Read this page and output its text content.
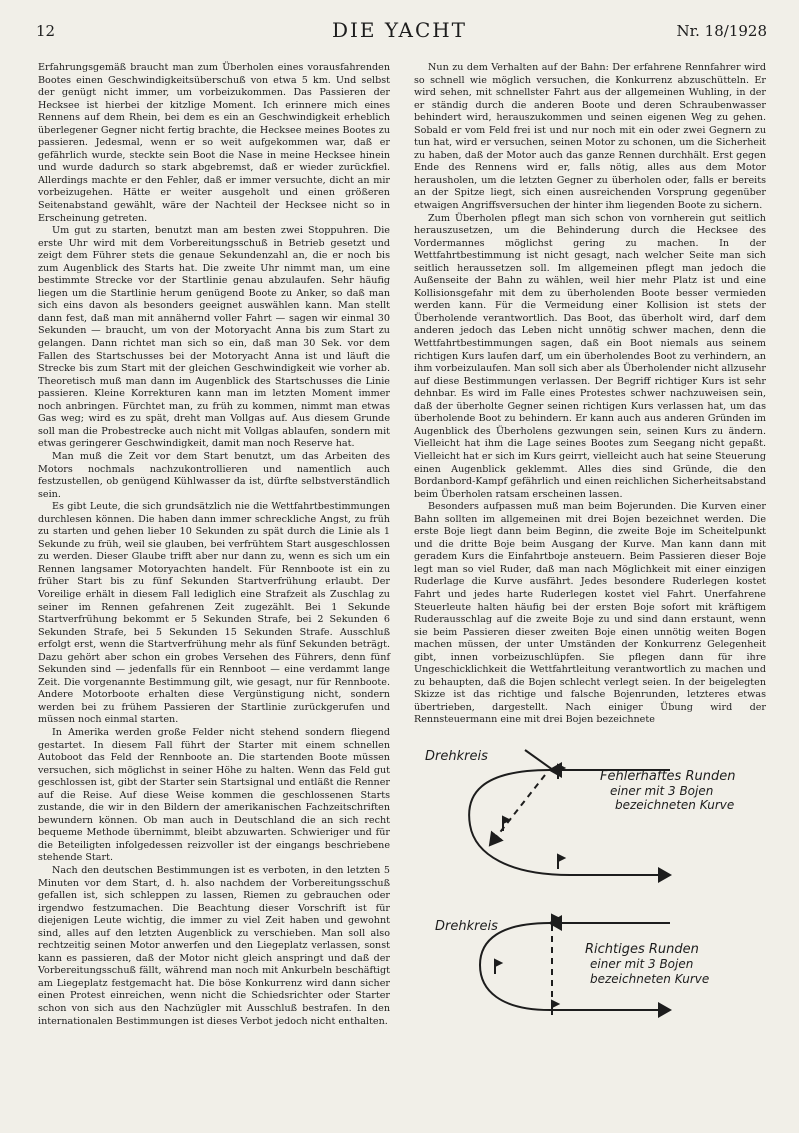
12	DIE YACHT	Nr. 18/1928

Erfahrungsgemäß braucht man zum Überholen eines vorausfahrenden Bootes einen Geschwindigkeitsüberschuß von etwa 5 km. Und selbst der genügt nicht immer, um vorbeizukommen. Das Passieren der Hecksee ist hierbei der kitzlige Moment. Ich erinnere mich eines Rennens auf dem Rhein, bei dem es ein an Geschwindigkeit erheblich überlegener Gegner nicht fertig brachte, die Hecksee meines Bootes zu passieren. Jedesmal, wenn er so weit aufgekommen war, daß er gefährlich wurde, steckte sein Boot die Nase in meine Hecksee hinein und wurde dadurch so stark abgebremst, daß er wieder zurückfiel. Allerdings machte er den Fehler, daß er immer versuchte, dicht an mir vorbeizugehen. Hätte er weiter ausgeholt und einen größeren Seitenabstand gewählt, wäre der Nachteil der Hecksee nicht so in Erscheinung getreten.

Um gut zu starten, benutzt man am besten zwei Stoppuhren. Die erste Uhr wird mit dem Vorbereitungsschuß in Betrieb gesetzt und zeigt dem Führer stets die genaue Sekundenzahl an, die er noch bis zum Augenblick des Starts hat. Die zweite Uhr nimmt man, um eine bestimmte Strecke vor der Startlinie genau abzulaufen. Sehr häufig liegen um die Startlinie herum genügend Boote zu Anker, so daß man sich eins davon als besonders geeignet auswählen kann. Man stellt dann fest, daß man mit annähernd voller Fahrt — sagen wir einmal 30 Sekunden — braucht, um von der Motoryacht Anna bis zum Start zu gelangen. Dann richtet man sich so ein, daß man 30 Sek. vor dem Fallen des Startschusses bei der Motoryacht Anna ist und läuft die Strecke bis zum Start mit der gleichen Geschwindigkeit wie vorher ab. Theoretisch muß man dann im Augenblick des Startschusses die Linie passieren. Kleine Korrekturen kann man im letzten Moment immer noch anbringen. Fürchtet man, zu früh zu kommen, nimmt man etwas Gas weg; wird es zu spät, dreht man Vollgas auf. Aus diesem Grunde soll man die Probestrecke auch nicht mit Vollgas ablaufen, sondern mit etwas geringerer Geschwindigkeit, damit man noch Reserve hat.

Man muß die Zeit vor dem Start benutzt, um das Arbeiten des Motors nochmals nachzukontrollieren und namentlich auch festzustellen, ob genügend Kühlwasser da ist, dürfte selbstverständlich sein.

Es gibt Leute, die sich grundsätzlich nie die Wettfahrtbestimmungen durchlesen können. Die haben dann immer schreckliche Angst, zu früh zu starten und gehen lieber 10 Sekunden zu spät durch die Linie als 1 Sekunde zu früh, weil sie glauben, bei verfrühtem Start ausgeschlossen zu werden. Dieser Glaube trifft aber nur dann zu, wenn es sich um ein Rennen langsamer Motoryachten handelt. Für Rennboote ist ein zu früher Start bis zu fünf Sekunden Startverfrühung erlaubt. Der Voreilige erhält in diesem Fall lediglich eine Strafzeit als Zuschlag zu seiner im Rennen gefahrenen Zeit zugezählt. Bei 1 Sekunde Startverfrühung bekommt er 5 Sekunden Strafe, bei 2 Sekunden 6 Sekunden Strafe, bei 5 Sekunden 15 Sekunden Strafe. Ausschluß erfolgt erst, wenn die Startverfrühung mehr als fünf Sekunden beträgt. Dazu gehört aber schon ein grobes Versehen des Führers, denn fünf Sekunden sind — jedenfalls für ein Rennboot — eine verdammt lange Zeit. Die vorgenannte Bestimmung gilt, wie gesagt, nur für Rennboote. Andere Motorboote erhalten diese Vergünstigung nicht, sondern werden bei zu frühem Passieren der Startlinie zurückgerufen und müssen noch einmal starten.

In Amerika werden große Felder nicht stehend sondern fliegend gestartet. In diesem Fall führt der Starter mit einem schnellen Autoboot das Feld der Rennboote an. Die startenden Boote müssen versuchen, sich möglichst in seiner Höhe zu halten. Wenn das Feld gut geschlossen ist, gibt der Starter sein Startsignal und entläßt die Renner auf die Reise. Auf diese Weise kommen die geschlossenen Starts zustande, die wir in den Bildern der amerikanischen Fachzeitschriften bewundern können. Ob man auch in Deutschland die an sich recht bequeme Methode übernimmt, bleibt abzuwarten. Schwieriger und für die Beteiligten infolgedessen reizvoller ist der eingangs beschriebene stehende Start.

Nach den deutschen Bestimmungen ist es verboten, in den letzten 5 Minuten vor dem Start, d. h. also nachdem der Vorbereitungsschuß gefallen ist, sich schleppen zu lassen, Riemen zu gebrauchen oder irgendwo festzumachen. Die Beachtung dieser Vorschrift ist für diejenigen Leute wichtig, die immer zu viel Zeit haben und gewohnt sind, alles auf den letzten Augenblick zu verschieben. Man soll also rechtzeitig seinen Motor anwerfen und den Liegeplatz verlassen, sonst kann es passieren, daß der Motor nicht gleich anspringt und daß der Vorbereitungsschuß fällt, während man noch mit Ankurbeln beschäftigt am Liegeplatz festgemacht hat. Die böse Konkurrenz wird dann sicher einen Protest einreichen, wenn nicht die Schiedsrichter oder Starter schon von sich aus den Nachzügler mit Ausschluß bestrafen. In den internationalen Bestimmungen ist dieses Verbot jedoch nicht enthalten.

Nun zu dem Verhalten auf der Bahn: Der erfahrene Rennfahrer wird so schnell wie möglich versuchen, die Konkurrenz abzuschütteln. Er wird sehen, mit schnellster Fahrt aus der allgemeinen Wuhling, in der er ständig durch die anderen Boote und deren Schraubenwasser behindert wird, herauszukommen und seinen eigenen Weg zu gehen. Sobald er vom Feld frei ist und nur noch mit ein oder zwei Gegnern zu tun hat, wird er versuchen, seinen Motor zu schonen, um die Sicherheit zu haben, daß der Motor auch das ganze Rennen durchhält. Erst gegen Ende des Rennens wird er, falls nötig, alles aus dem Motor herausholen, um die letzten Gegner zu überholen oder, falls er bereits an der Spitze liegt, sich einen ausreichenden Vorsprung gegenüber etwaigen Angriffsversuchen der hinter ihm liegenden Boote zu sichern.

Zum Überholen pflegt man sich schon von vornherein gut seitlich herauszusetzen, um die Behinderung durch die Hecksee des Vordermannes möglichst gering zu machen. In der Wettfahrtbestimmung ist nicht gesagt, nach welcher Seite man sich seitlich heraussetzen soll. Im allgemeinen pflegt man jedoch die Außenseite der Bahn zu wählen, weil hier mehr Platz ist und eine Kollisionsgefahr mit dem zu überholenden Boote besser vermieden werden kann. Für die Vermeidung einer Kollision ist stets der Überholende verantwortlich. Das Boot, das überholt wird, darf dem anderen jedoch das Leben nicht unnötig schwer machen, denn die Wettfahrtbestimmungen sagen, daß ein Boot niemals aus seinem richtigen Kurs laufen darf, um ein überholendes Boot zu verhindern, an ihm vorbeizulaufen. Man soll sich aber als Überholender nicht allzusehr auf diese Bestimmungen verlassen. Der Begriff richtiger Kurs ist sehr dehnbar. Es wird im Falle eines Protestes schwer nachzuweisen sein, daß der überholte Gegner seinen richtigen Kurs verlassen hat, um das überholende Boot zu behindern. Er kann auch aus anderen Gründen im Augenblick des Überholens gezwungen sein, seinen Kurs zu ändern. Vielleicht hat ihm die Lage seines Bootes zum Seegang nicht gepaßt. Vielleicht hat er sich im Kurs geirrt, vielleicht auch hat seine Steuerung einen Augenblick geklemmt. Alles dies sind Gründe, die den Bordanbord-Kampf gefährlich und einen reichlichen Sicherheitsabstand beim Überholen ratsam erscheinen lassen.

Besonders aufpassen muß man beim Bojerunden. Die Kurven einer Bahn sollten im allgemeinen mit drei Bojen bezeichnet werden. Die erste Boje liegt dann beim Beginn, die zweite Boje im Scheitelpunkt und die dritte Boje beim Ausgang der Kurve. Man kann dann mit geradem Kurs die Einfahrtboje ansteuern. Beim Passieren dieser Boje legt man so viel Ruder, daß man nach Möglichkeit mit einer einzigen Ruderlage die Kurve ausfährt. Jedes besondere Ruderlegen kostet Fahrt und jedes harte Ruderlegen kostet viel Fahrt. Unerfahrene Steuerleute halten häufig bei der ersten Boje sofort mit kräftigem Ruderausschlag auf die zweite Boje zu und sind dann erstaunt, wenn sie beim Passieren dieser zweiten Boje einen unnötig weiten Bogen machen müssen, der unter Umständen der Konkurrenz Gelegenheit gibt, innen vorbeizuschlüpfen. Sie pflegen dann für ihre Ungeschicklichkeit die Wettfahrtleitung verantwortlich zu machen und zu behaupten, daß die Bojen schlecht verlegt seien. In der beigelegten Skizze ist das richtige und falsche Bojenrunden, letzteres etwas übertrieben, dargestellt. Nach einiger Übung wird der Rennsteuermann eine mit drei Bojen bezeichnete

Drehkreis
Fehlerhaftes Runden
einer mit 3 Bojen
bezeichneten Kurve
Drehkreis
Richtiges Runden
einer mit 3 Bojen
bezeichneten Kurve
